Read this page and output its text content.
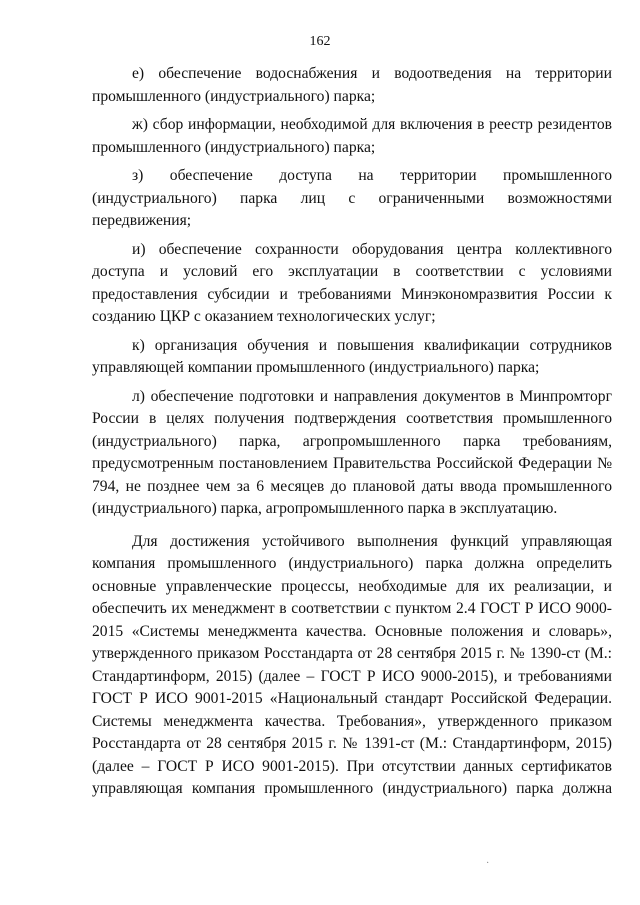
162

е) обеспечение водоснабжения и водоотведения на территории промышленного (индустриального) парка;

ж) сбор информации, необходимой для включения в реестр резидентов промышленного (индустриального) парка;

з) обеспечение доступа на территории промышленного (индустриального) парка лиц с ограниченными возможностями передвижения;

и) обеспечение сохранности оборудования центра коллективного доступа и условий его эксплуатации в соответствии с условиями предоставления субсидии и требованиями Минэкономразвития России к созданию ЦКР с оказанием технологических услуг;

к) организация обучения и повышения квалификации сотрудников управляющей компании промышленного (индустриального) парка;

л) обеспечение подготовки и направления документов в Минпромторг России в целях получения подтверждения соответствия промышленного (индустриального) парка, агропромышленного парка требованиям, предусмотренным постановлением Правительства Российской Федерации № 794, не позднее чем за 6 месяцев до плановой даты ввода промышленного (индустриального) парка, агропромышленного парка в эксплуатацию.

Для достижения устойчивого выполнения функций управляющая компания промышленного (индустриального) парка должна определить основные управленческие процессы, необходимые для их реализации, и обеспечить их менеджмент в соответствии с пунктом 2.4 ГОСТ Р ИСО 9000-2015 «Системы менеджмента качества. Основные положения и словарь», утвержденного приказом Росстандарта от 28 сентября 2015 г. № 1390-ст (М.: Стандартинформ, 2015) (далее – ГОСТ Р ИСО 9000-2015), и требованиями ГОСТ Р ИСО 9001-2015 «Национальный стандарт Российской Федерации. Системы менеджмента качества. Требования», утвержденного приказом Росстандарта от 28 сентября 2015 г. № 1391-ст (М.: Стандартинформ, 2015) (далее – ГОСТ Р ИСО 9001-2015). При отсутствии данных сертификатов управляющая компания промышленного (индустриального) парка должна

·
